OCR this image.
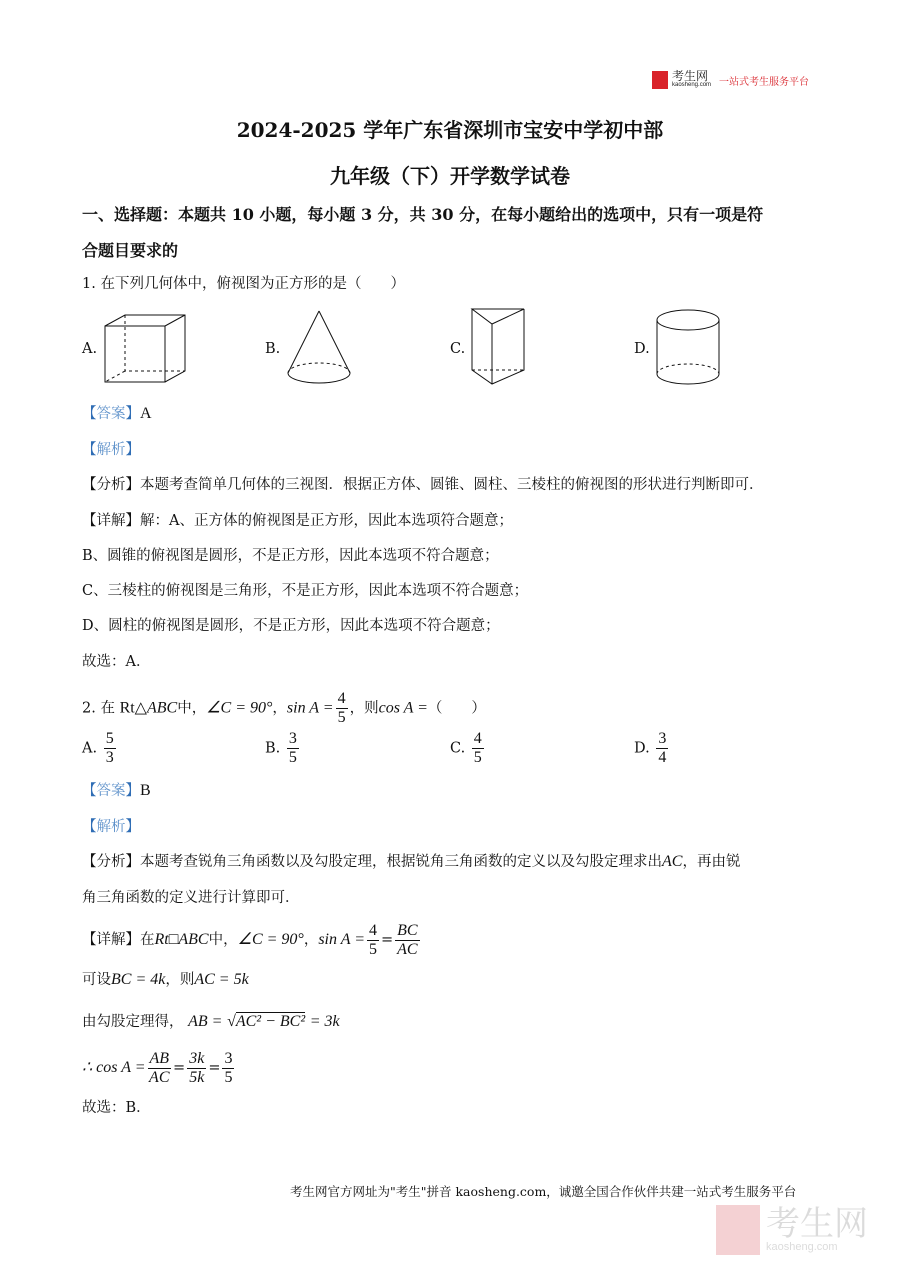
考生网
kaosheng.com 一站式考生服务平台
2024-2025 学年广东省深圳市宝安中学初中部
九年级（下）开学数学试卷
一、选择题：本题共 10 小题，每小题 3 分，共 30 分，在每小题给出的选项中，只有一项是符
合题目要求的
1. 在下列几何体中，俯视图为正方形的是（　　）
A.	B.	C.	D.
【答案】A
【解析】
【分析】本题考查简单几何体的三视图．根据正方体、圆锥、圆柱、三棱柱的俯视图的形状进行判断即可．
【详解】解：A、正方体的俯视图是正方形，因此本选项符合题意；
B、圆锥的俯视图是圆形，不是正方形，因此本选项不符合题意；
C、三棱柱的俯视图是三角形，不是正方形，因此本选项不符合题意；
D、圆柱的俯视图是圆形，不是正方形，因此本选项不符合题意；
故选：A．
2. 在 Rt△ABC中，∠C = 90°，$\sin A = \frac{4}{5}$ ，则cos A =（　　）
A. $\frac{5}{3}$	B. $\frac{3}{5}$	C. $\frac{4}{5}$	D. $\frac{3}{4}$
【答案】B
【解析】
【分析】本题考查锐角三角函数以及勾股定理，根据锐角三角函数的定义以及勾股定理求出AC，再由锐
角三角函数的定义进行计算即可．
【详解】在Rt□ABC中，∠C = 90°，$\sin A = \frac{4}{5} = \frac{BC}{AC}$
可设BC = 4k，则AC = 5k
由勾股定理得， AB = √AC² − BC² = 3k
∴ $\cos A = \frac{AB}{AC} = \frac{3k}{5k} = \frac{3}{5}$
故选：B．
考生网官方网址为"考生"拼音 kaosheng.com，诚邀全国合作伙伴共建一站式考生服务平台
考生网
kaosheng.com
